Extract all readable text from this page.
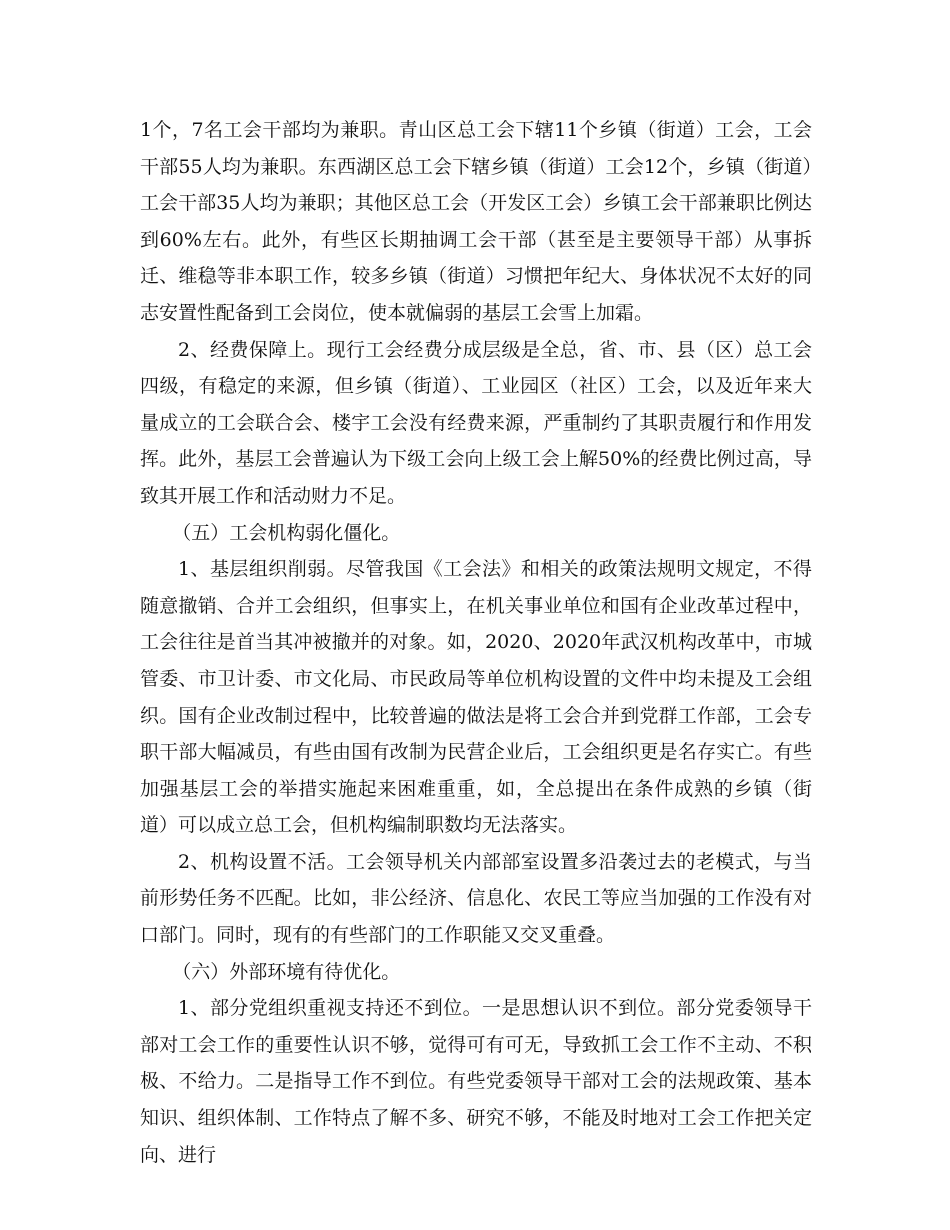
1个，7名工会干部均为兼职。青山区总工会下辖11个乡镇（街道）工会，工会干部55人均为兼职。东西湖区总工会下辖乡镇（街道）工会12个，乡镇（街道）工会干部35人均为兼职；其他区总工会（开发区工会）乡镇工会干部兼职比例达到60%左右。此外，有些区长期抽调工会干部（甚至是主要领导干部）从事拆迁、维稳等非本职工作，较多乡镇（街道）习惯把年纪大、身体状况不太好的同志安置性配备到工会岗位，使本就偏弱的基层工会雪上加霜。

2、经费保障上。现行工会经费分成层级是全总，省、市、县（区）总工会四级，有稳定的来源，但乡镇（街道）、工业园区（社区）工会，以及近年来大量成立的工会联合会、楼宇工会没有经费来源，严重制约了其职责履行和作用发挥。此外，基层工会普遍认为下级工会向上级工会上解50%的经费比例过高，导致其开展工作和活动财力不足。

（五）工会机构弱化僵化。

1、基层组织削弱。尽管我国《工会法》和相关的政策法规明文规定，不得随意撤销、合并工会组织，但事实上，在机关事业单位和国有企业改革过程中，工会往往是首当其冲被撤并的对象。如，2020、2020年武汉机构改革中，市城管委、市卫计委、市文化局、市民政局等单位机构设置的文件中均未提及工会组织。国有企业改制过程中，比较普遍的做法是将工会合并到党群工作部，工会专职干部大幅减员，有些由国有改制为民营企业后，工会组织更是名存实亡。有些加强基层工会的举措实施起来困难重重，如，全总提出在条件成熟的乡镇（街道）可以成立总工会，但机构编制职数均无法落实。

2、机构设置不活。工会领导机关内部部室设置多沿袭过去的老模式，与当前形势任务不匹配。比如，非公经济、信息化、农民工等应当加强的工作没有对口部门。同时，现有的有些部门的工作职能又交叉重叠。

（六）外部环境有待优化。

1、部分党组织重视支持还不到位。一是思想认识不到位。部分党委领导干部对工会工作的重要性认识不够，觉得可有可无，导致抓工会工作不主动、不积极、不给力。二是指导工作不到位。有些党委领导干部对工会的法规政策、基本知识、组织体制、工作特点了解不多、研究不够，不能及时地对工会工作把关定向、进行
